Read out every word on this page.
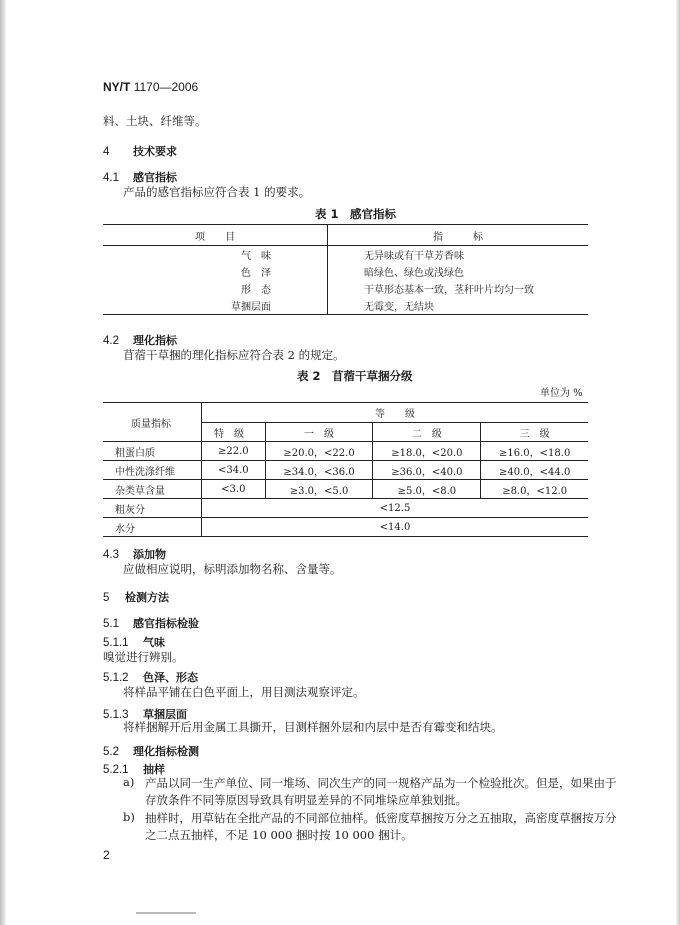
NY/T 1170—2006
料、土块、纤维等。
4 技术要求
4.1 感官指标
产品的感官指标应符合表 1 的要求。
表 1　感官指标
项　　目	指　　　标
气　味	无异味或有干草芳香味
色　泽	暗绿色、绿色或浅绿色
形　态	干草形态基本一致，茎秆叶片均匀一致
草捆层面	无霉变，无结块
4.2 理化指标
苜蓿干草捆的理化指标应符合表 2 的规定。
表 2　苜蓿干草捆分级
单位为 %
质量指标	等　　级			
	特　级	一　级	二　级	三　级
粗蛋白质	≥22.0	≥20.0，<22.0	≥18.0，<20.0	≥16.0，<18.0
中性洗涤纤维	<34.0	≥34.0，<36.0	≥36.0，<40.0	≥40.0，<44.0
杂类草含量	<3.0	≥3.0，<5.0	≥5.0，<8.0	≥8.0，<12.0
粗灰分	<12.5			
水分	<14.0			
4.3 添加物
应做相应说明，标明添加物名称、含量等。
5 检测方法
5.1 感官指标检验
5.1.1 气味
嗅觉进行辨别。
5.1.2 色泽、形态
将样品平铺在白色平面上，用目测法观察评定。
5.1.3 草捆层面
将样捆解开后用金属工具撕开，目测样捆外层和内层中是否有霉变和结块。
5.2 理化指标检测
5.2.1 抽样
a) 产品以同一生产单位、同一堆场、同次生产的同一规格产品为一个检验批次。但是，如果由于
存放条件不同等原因导致具有明显差异的不同堆垛应单独划批。
b) 抽样时，用草钻在全批产品的不同部位抽样。低密度草捆按万分之五抽取，高密度草捆按万分
之二点五抽样，不足 10 000 捆时按 10 000 捆计。
2
